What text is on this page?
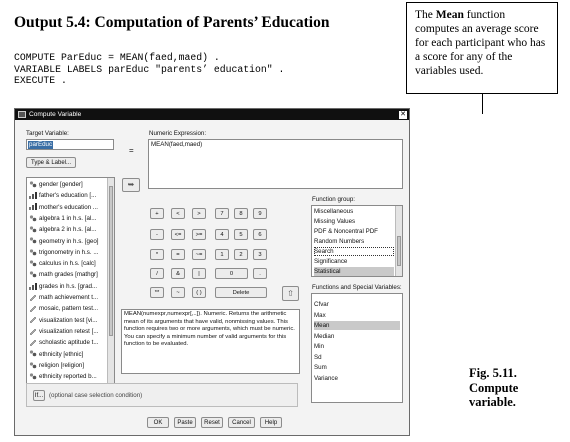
Output 5.4: Computation of Parents’ Education
COMPUTE ParEduc = MEAN(faed,maed) .
VARIABLE LABELS parEduc "parents’ education" .
EXECUTE .
The Mean function computes an average score for each participant who has a score for any of the variables used.
Fig. 5.11.
Compute
variable.
Compute Variable	✕
Target Variable:
parEduc
Type & Label...
=
Numeric Expression:
MEAN(faed,maed)
gender [gender]
father's education [...
mother's education ...
algebra 1 in h.s. [al...
algebra 2 in h.s. [al...
geometry in h.s. [geo]
trigonometry in h.s. ...
calculus in h.s. [calc]
math grades [mathgr]
grades in h.s. [grad...
math achievement t...
mosaic, pattern test...
visualization test [vi...
visualization retest [...
scholastic aptitude t...
ethnicity [ethnic]
religion [religion]
ethnicity reported b...
➥
+	<	>	7	8	9
-	<=	>=	4	5	6
*	=	~=	1	2	3
/	&	|	0	.
**	~	( )	Delete	⇧
Function group:
Miscellaneous
Missing Values
PDF & Noncentral PDF
Random Numbers
Search
Significance
Statistical
Functions and Special Variables:
Cfvar
Max
Mean
Median
Min
Sd
Sum
Variance
MEAN(numexpr,numexpr[,..]). Numeric. Returns the arithmetic mean of its arguments that have valid, nonmissing values. This function requires two or more arguments, which must be numeric. You can specify a minimum number of valid arguments for this function to be evaluated.
If... (optional case selection condition)
OK	Paste	Reset	Cancel	Help
